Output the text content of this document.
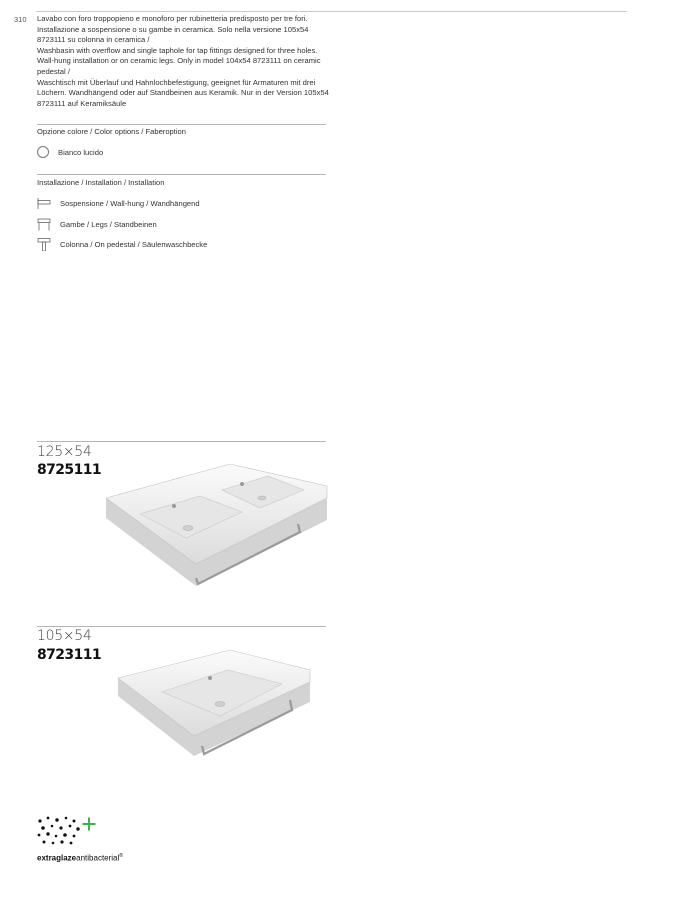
310 Lavabo con foro troppopieno e monoforo per rubinetteria predisposto per tre fori. Installazione a sospensione o su gambe in ceramica. Solo nella versione 105x54 8723111 su colonna in ceramica /

Washbasin with overflow and single taphole for tap fittings designed for three holes. Wall-hung installation or on ceramic legs. Only in model 104x54 8723111 on ceramic pedestal /

Waschtisch mit Überlauf und Hahnlochbefestigung, geeignet für Armaturen mit drei Löchern. Wandhängend oder auf Standbeinen aus Keramik. Nur in der Version 105x54 8723111 auf Keramiksäule

Opzione colore / Color options / Faberoption
Bianco lucido
Installazione / Installation / Installation
Sospensione / Wall-hung / Wandhängend
Gambe / Legs / Standbeinen
Colonna / On pedestal / Säulenwaschbecke
125×54
8725111
105×54
8723111
extraglazeantibacterial®
